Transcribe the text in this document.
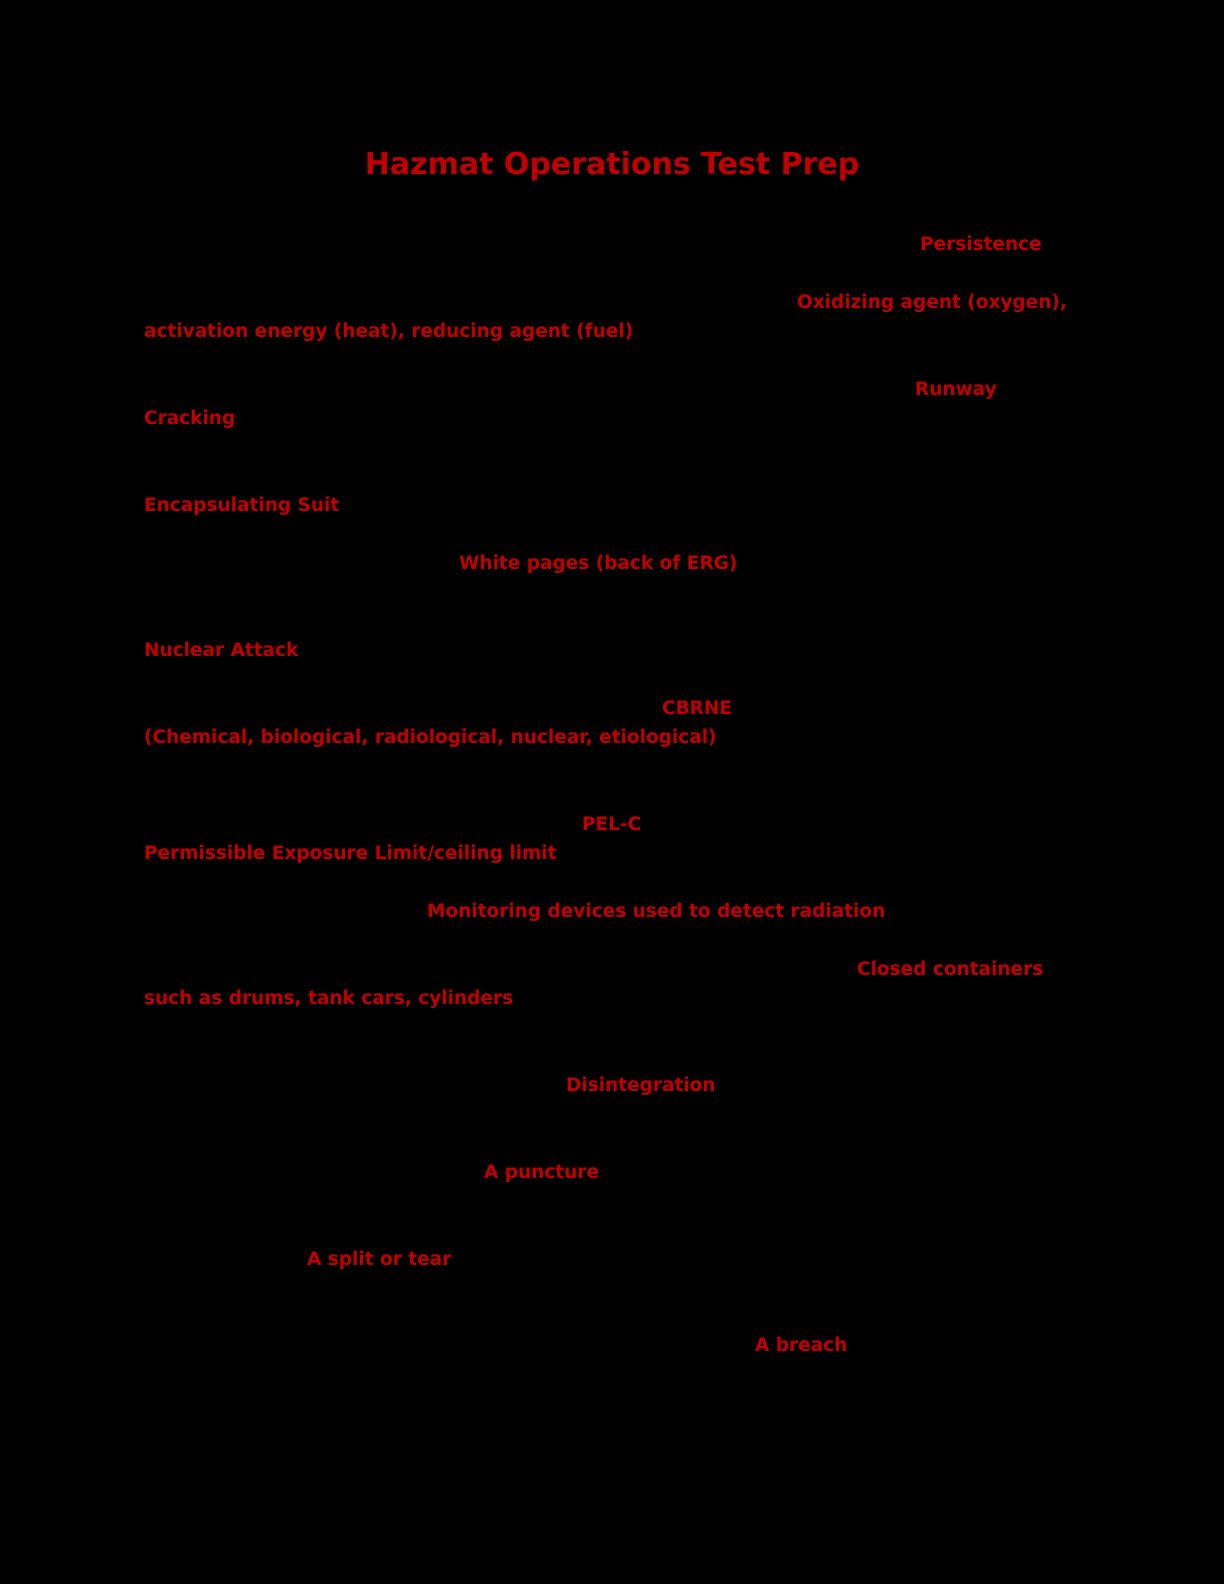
Hazmat Operations Test Prep
Persistence
Oxidizing agent (oxygen),
activation energy (heat), reducing agent (fuel)
Runway
Cracking
Encapsulating Suit
White pages (back of ERG)
Nuclear Attack
CBRNE
(Chemical, biological, radiological, nuclear, etiological)
PEL-C
Permissible Exposure Limit/ceiling limit
Monitoring devices used to detect radiation
Closed containers
such as drums, tank cars, cylinders
Disintegration
A puncture
A split or tear
A breach
